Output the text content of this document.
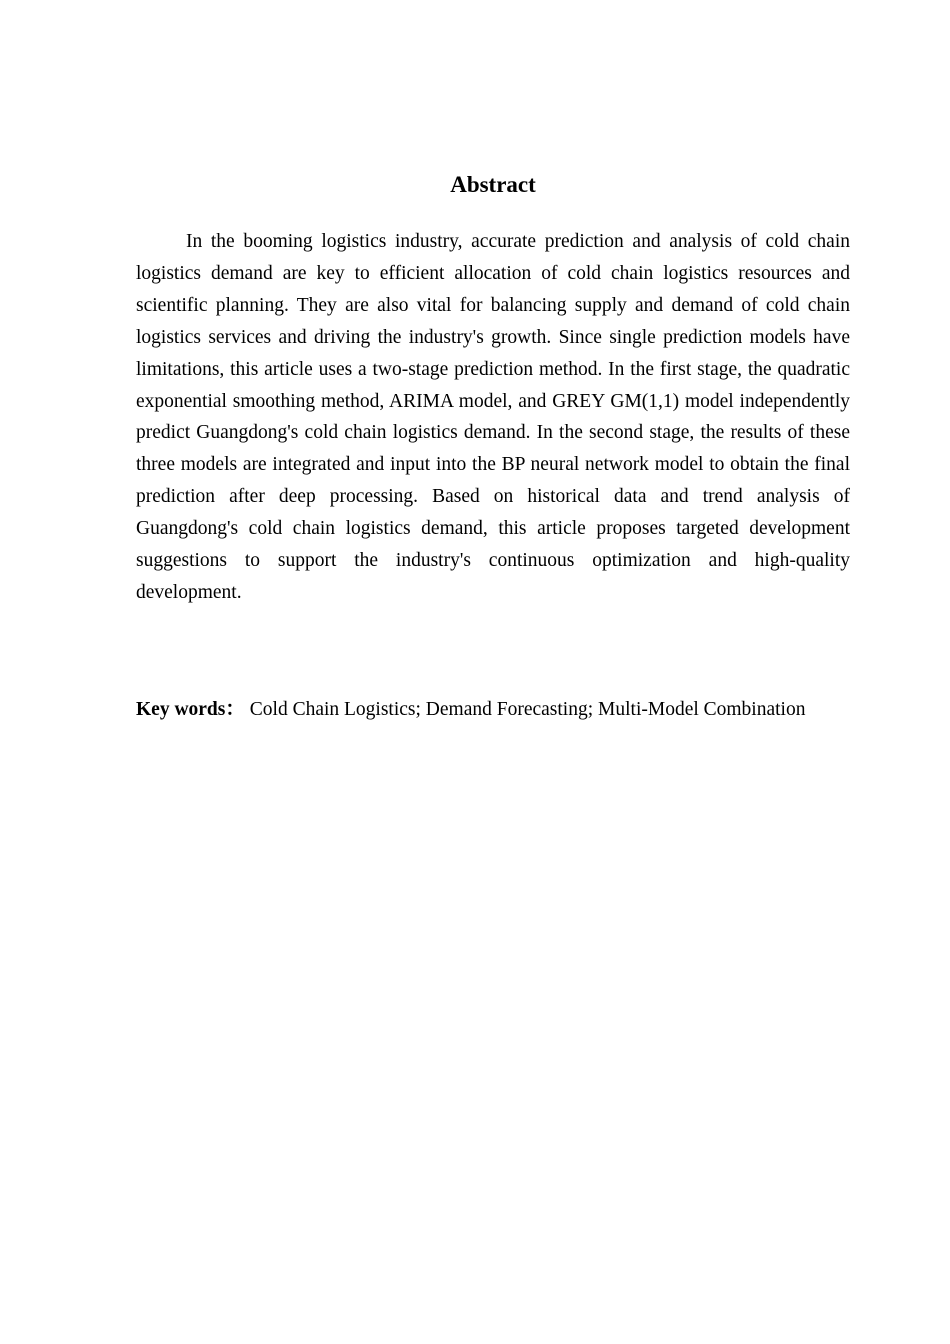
Abstract

In the booming logistics industry, accurate prediction and analysis of cold chain logistics demand are key to efficient allocation of cold chain logistics resources and scientific planning. They are also vital for balancing supply and demand of cold chain logistics services and driving the industry's growth. Since single prediction models have limitations, this article uses a two-stage prediction method. In the first stage, the quadratic exponential smoothing method, ARIMA model, and GREY GM(1,1) model independently predict Guangdong's cold chain logistics demand. In the second stage, the results of these three models are integrated and input into the BP neural network model to obtain the final prediction after deep processing. Based on historical data and trend analysis of Guangdong's cold chain logistics demand, this article proposes targeted development suggestions to support the industry's continuous optimization and high-quality development.

Key words： Cold Chain Logistics; Demand Forecasting; Multi-Model Combination
